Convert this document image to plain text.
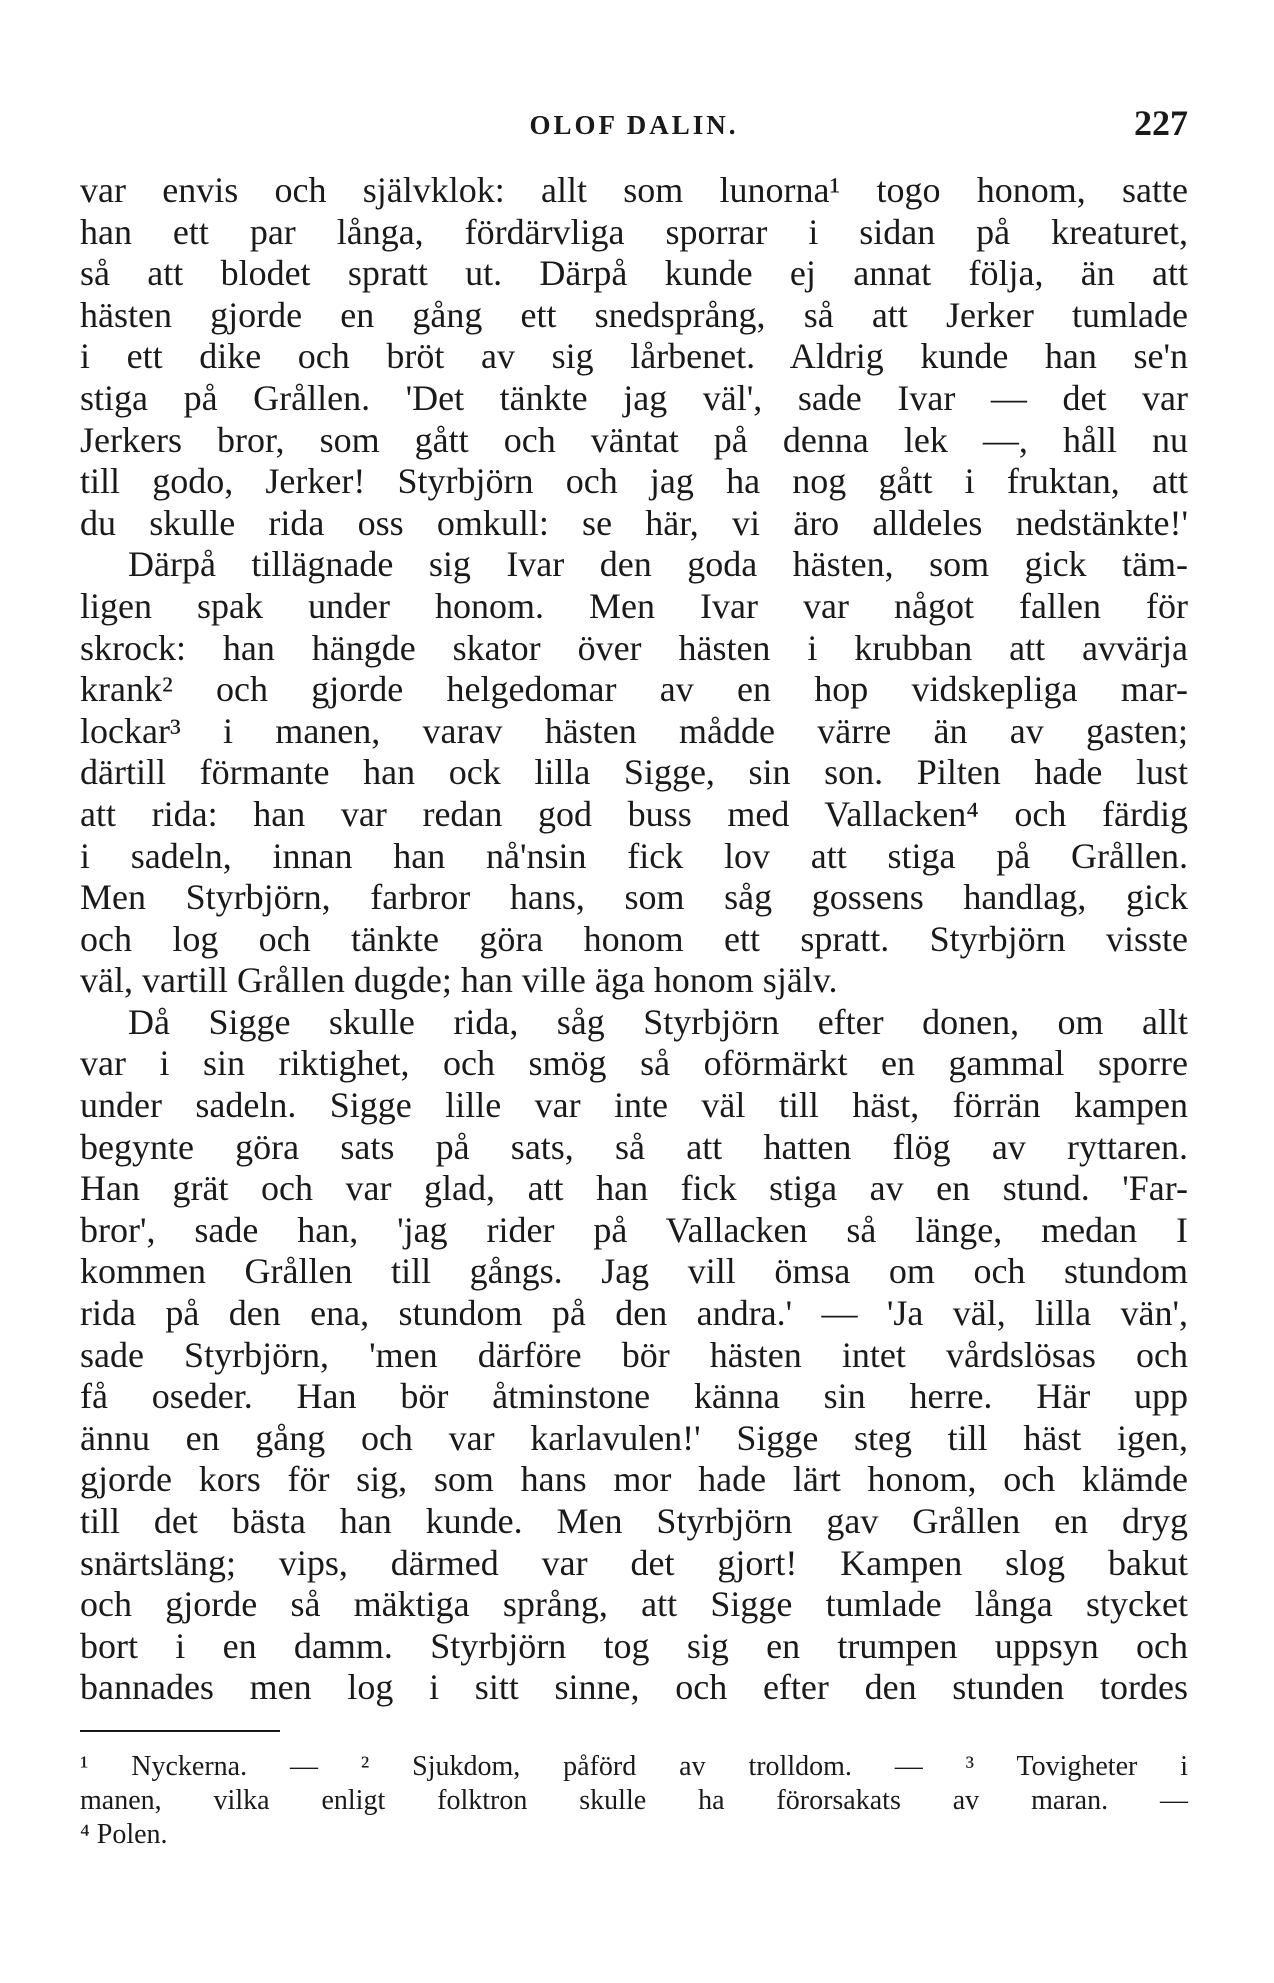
OLOF DALIN.	227
var envis och självklok: allt som lunorna¹ togo honom, satte
han ett par långa, fördärvliga sporrar i sidan på kreaturet,
så att blodet spratt ut. Därpå kunde ej annat följa, än att
hästen gjorde en gång ett snedsprång, så att Jerker tumlade
i ett dike och bröt av sig lårbenet. Aldrig kunde han se'n
stiga på Grållen. 'Det tänkte jag väl', sade Ivar — det var
Jerkers bror, som gått och väntat på denna lek —, håll nu
till godo, Jerker! Styrbjörn och jag ha nog gått i fruktan, att
du skulle rida oss omkull: se här, vi äro alldeles nedstänkte!'
Därpå tillägnade sig Ivar den goda hästen, som gick täm-
ligen spak under honom. Men Ivar var något fallen för
skrock: han hängde skator över hästen i krubban att avvärja
krank² och gjorde helgedomar av en hop vidskepliga mar-
lockar³ i manen, varav hästen mådde värre än av gasten;
därtill förmante han ock lilla Sigge, sin son. Pilten hade lust
att rida: han var redan god buss med Vallacken⁴ och färdig
i sadeln, innan han nå'nsin fick lov att stiga på Grållen.
Men Styrbjörn, farbror hans, som såg gossens handlag, gick
och log och tänkte göra honom ett spratt. Styrbjörn visste
väl, vartill Grållen dugde; han ville äga honom själv.
Då Sigge skulle rida, såg Styrbjörn efter donen, om allt
var i sin riktighet, och smög så oförmärkt en gammal sporre
under sadeln. Sigge lille var inte väl till häst, förrän kampen
begynte göra sats på sats, så att hatten flög av ryttaren.
Han grät och var glad, att han fick stiga av en stund. 'Far-
bror', sade han, 'jag rider på Vallacken så länge, medan I
kommen Grållen till gångs. Jag vill ömsa om och stundom
rida på den ena, stundom på den andra.' — 'Ja väl, lilla vän',
sade Styrbjörn, 'men därföre bör hästen intet vårdslösas och
få oseder. Han bör åtminstone känna sin herre. Här upp
ännu en gång och var karlavulen!' Sigge steg till häst igen,
gjorde kors för sig, som hans mor hade lärt honom, och klämde
till det bästa han kunde. Men Styrbjörn gav Grållen en dryg
snärtsläng; vips, därmed var det gjort! Kampen slog bakut
och gjorde så mäktiga språng, att Sigge tumlade långa stycket
bort i en damm. Styrbjörn tog sig en trumpen uppsyn och
bannades men log i sitt sinne, och efter den stunden tordes
¹ Nyckerna. — ² Sjukdom, påförd av trolldom. — ³ Tovigheter i
manen, vilka enligt folktron skulle ha förorsakats av maran. —
⁴ Polen.
